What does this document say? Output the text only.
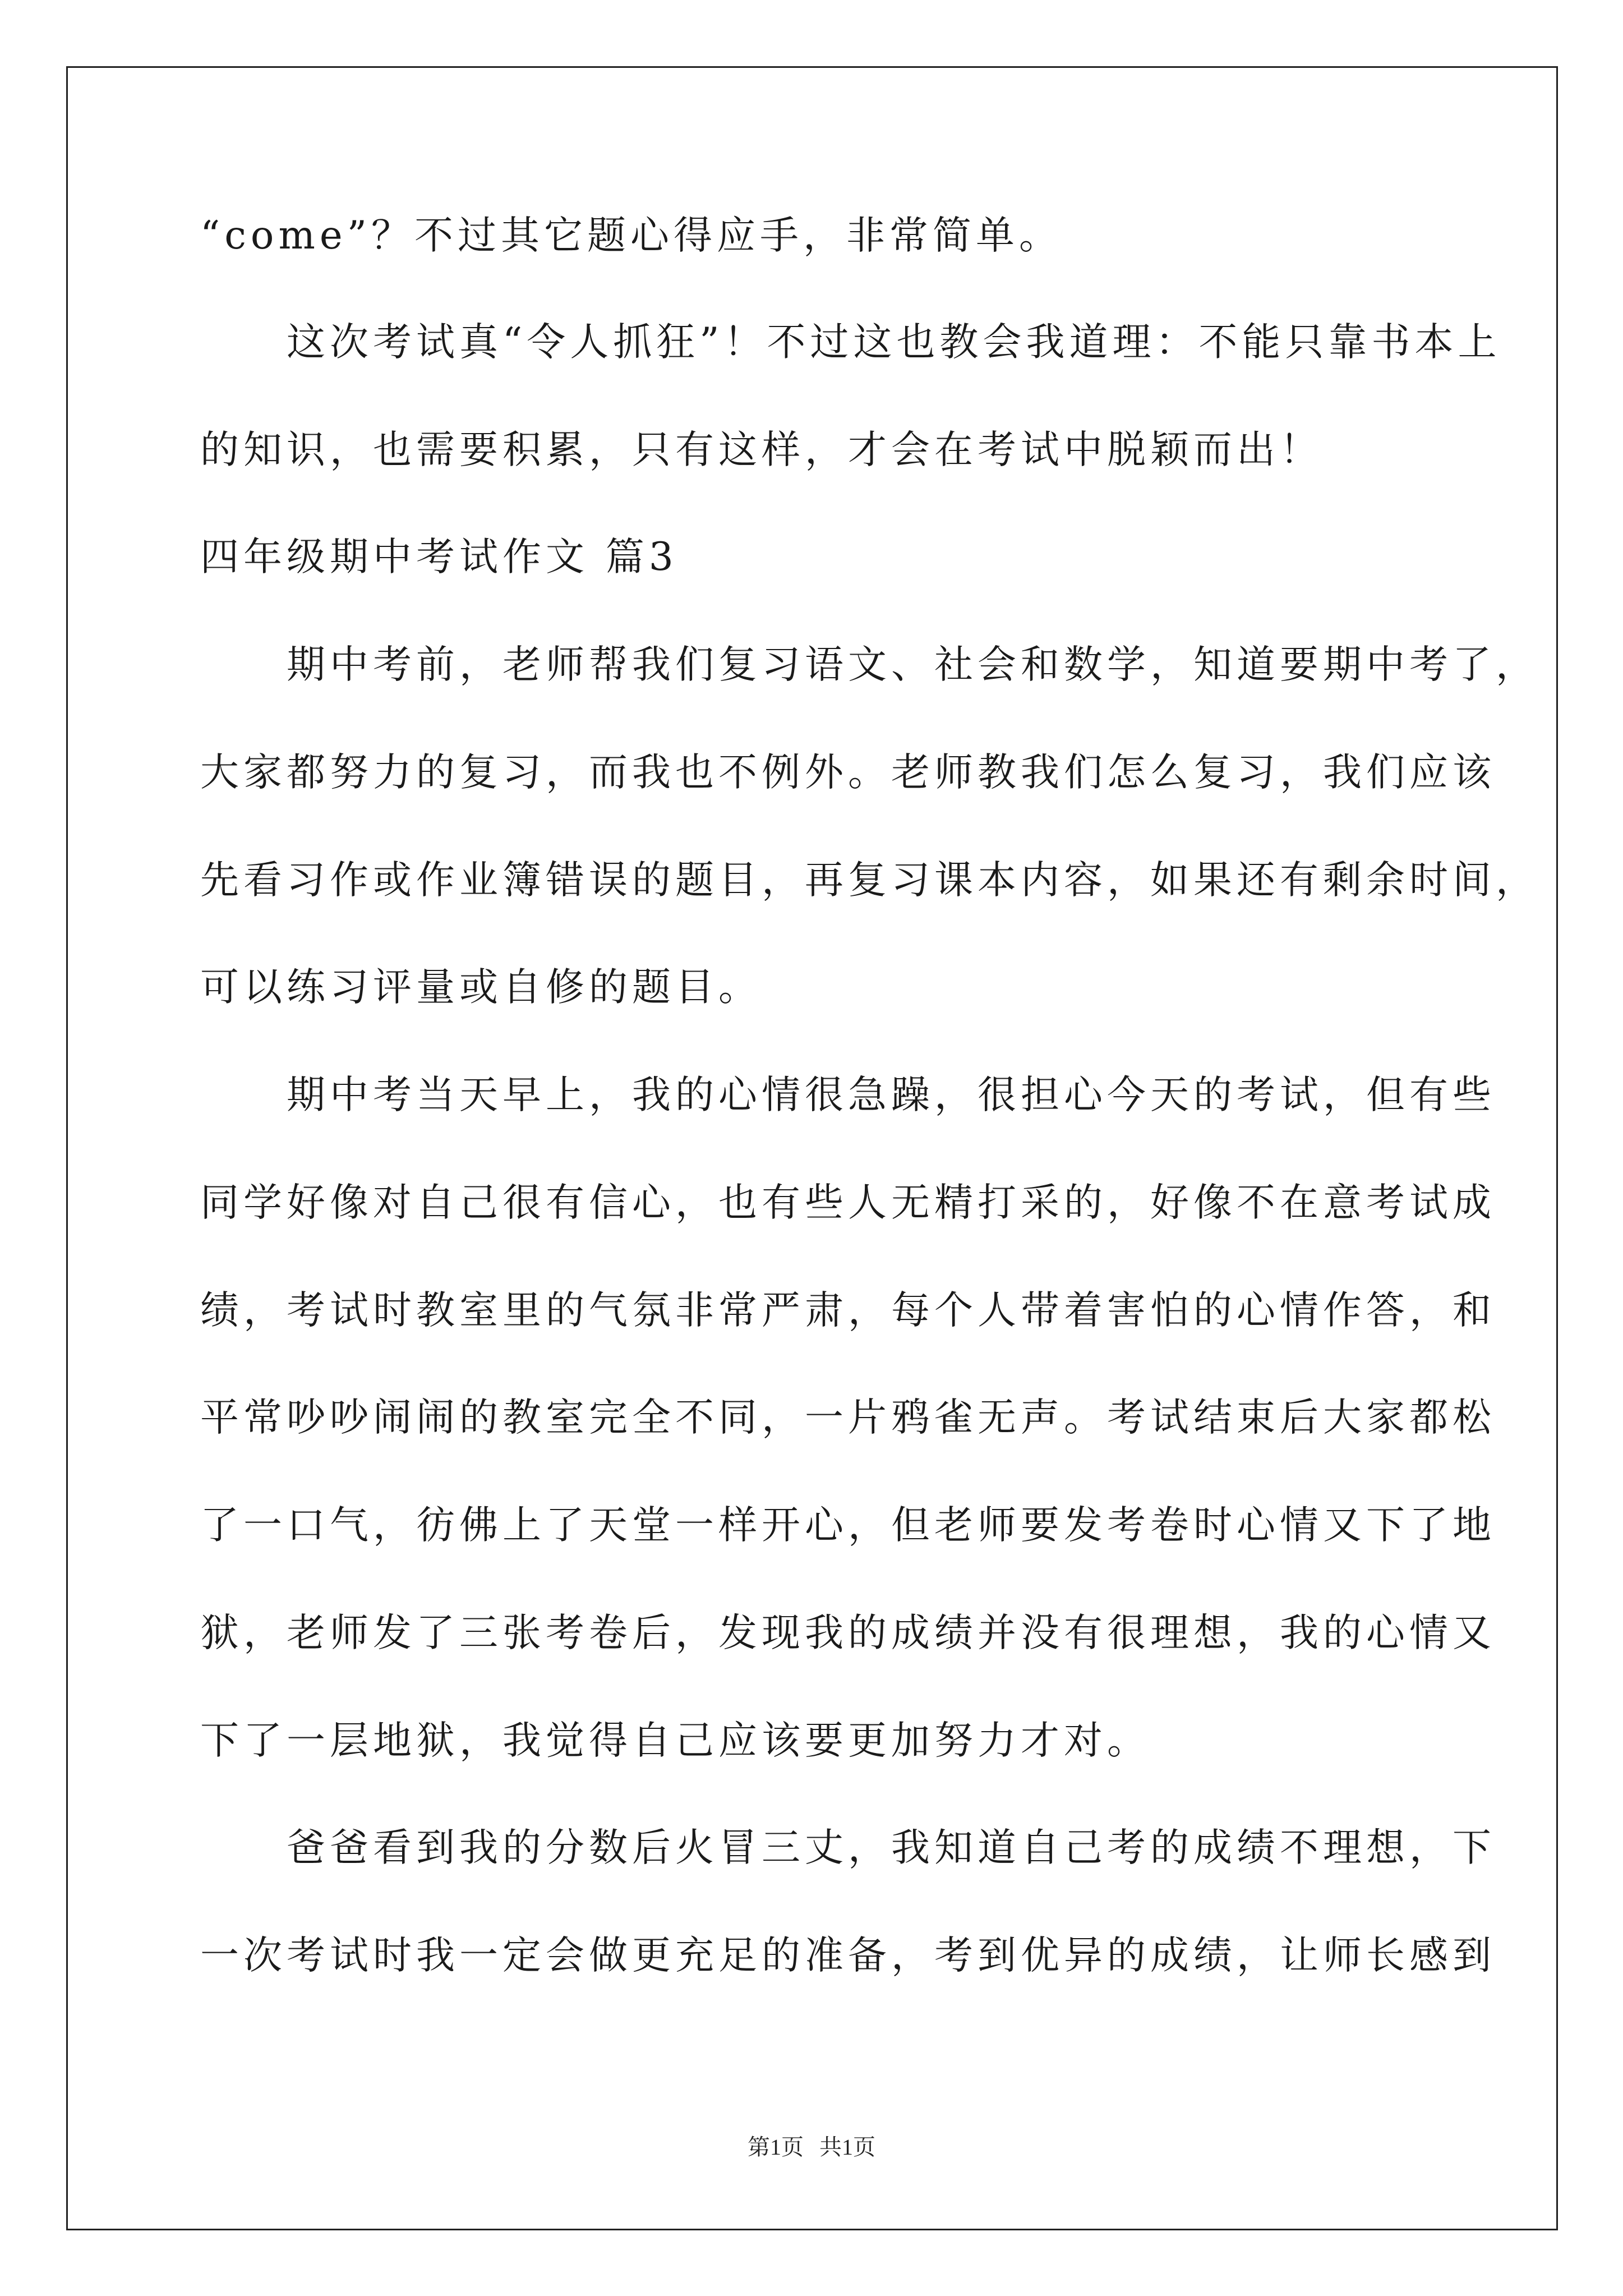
“come”？不过其它题心得应手，非常简单。
　　这次考试真“令人抓狂”！不过这也教会我道理：不能只靠书本上
的知识，也需要积累，只有这样，才会在考试中脱颖而出！
四年级期中考试作文 篇3
　　期中考前，老师帮我们复习语文、社会和数学，知道要期中考了，
大家都努力的复习，而我也不例外。老师教我们怎么复习，我们应该
先看习作或作业簿错误的题目，再复习课本内容，如果还有剩余时间，
可以练习评量或自修的题目。
　　期中考当天早上，我的心情很急躁，很担心今天的考试，但有些
同学好像对自己很有信心，也有些人无精打采的，好像不在意考试成
绩，考试时教室里的气氛非常严肃，每个人带着害怕的心情作答，和
平常吵吵闹闹的教室完全不同，一片鸦雀无声。考试结束后大家都松
了一口气，彷佛上了天堂一样开心，但老师要发考卷时心情又下了地
狱，老师发了三张考卷后，发现我的成绩并没有很理想，我的心情又
下了一层地狱，我觉得自己应该要更加努力才对。
　　爸爸看到我的分数后火冒三丈，我知道自己考的成绩不理想，下
一次考试时我一定会做更充足的准备，考到优异的成绩，让师长感到
第1页 共1页
